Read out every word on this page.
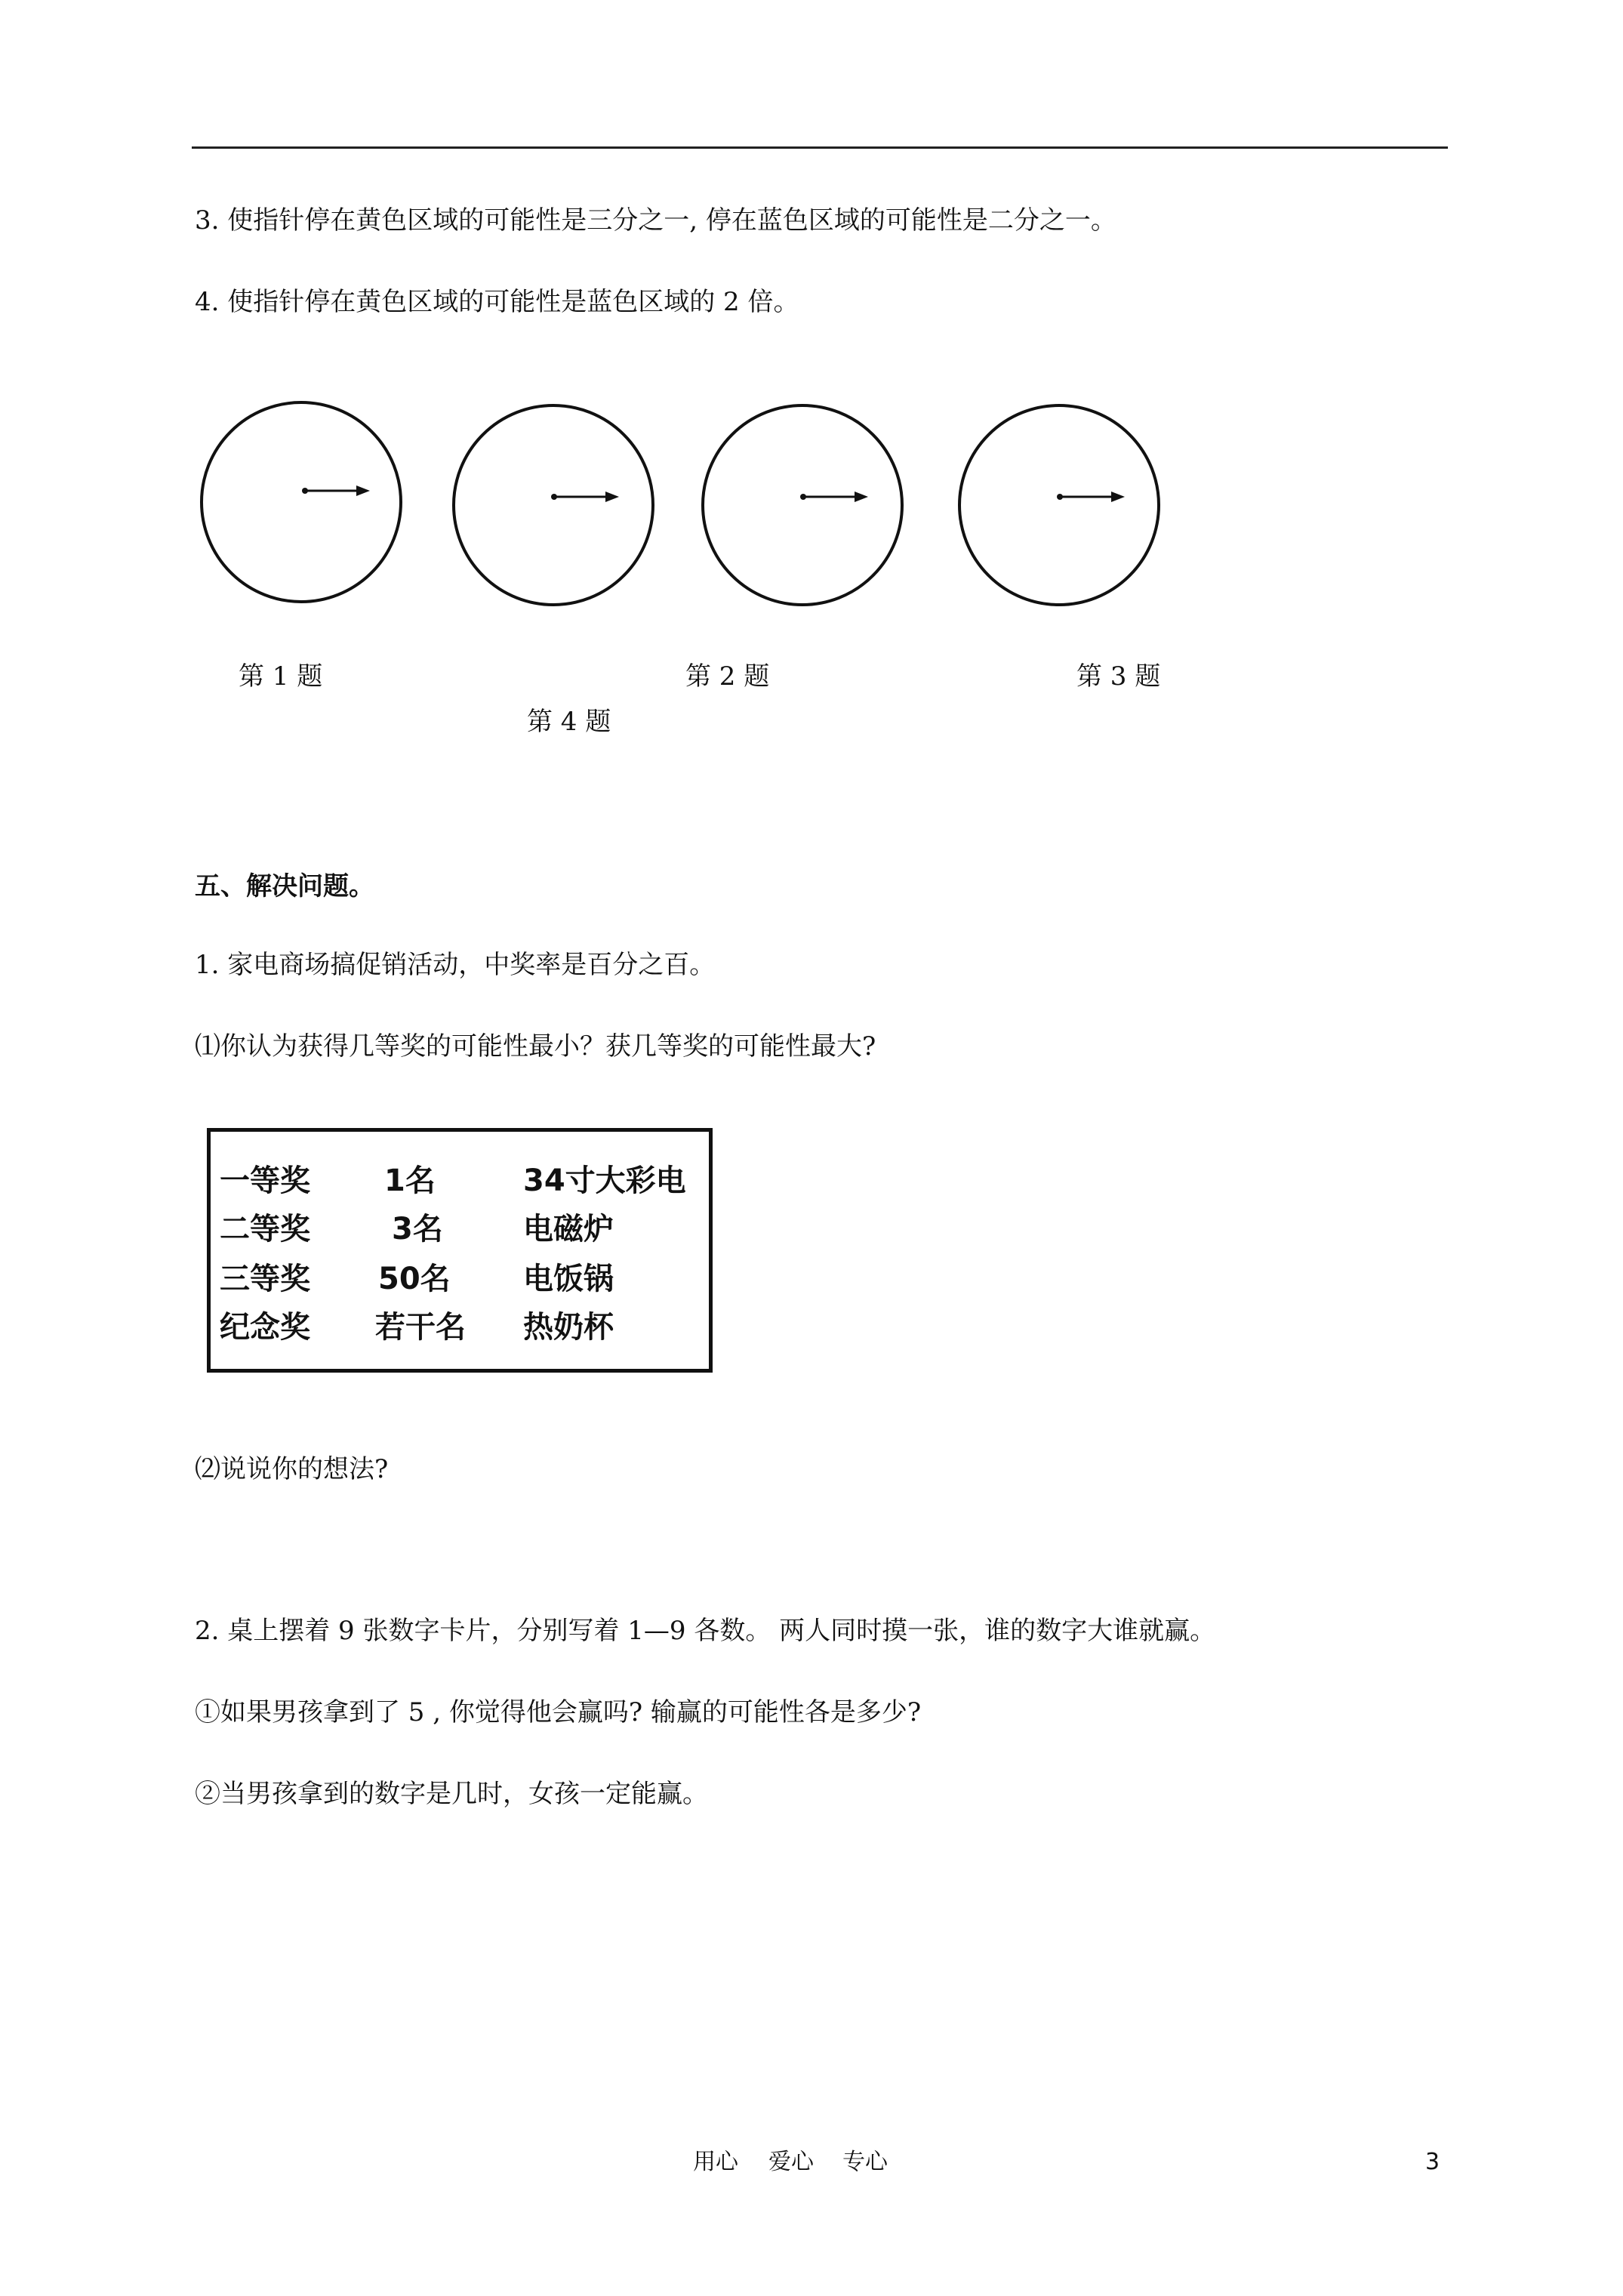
3. 使指针停在黄色区域的可能性是三分之一, 停在蓝色区域的可能性是二分之一。
4. 使指针停在黄色区域的可能性是蓝色区域的 2 倍。
第 1 题	第 2 题	第 3 题
第 4 题
五、解决问题。
1. 家电商场搞促销活动，中奖率是百分之百。
⑴你认为获得几等奖的可能性最小？获几等奖的可能性最大?
一等奖 1名	34寸大彩电
二等奖	3名	电磁炉
三等奖 50名 电饭锅
纪念奖 若干名 热奶杯
⑵说说你的想法?
2. 桌上摆着 9 张数字卡片，分别写着 1—9 各数。 两人同时摸一张，谁的数字大谁就赢。
①如果男孩拿到了 5 , 你觉得他会赢吗? 输赢的可能性各是多少?
②当男孩拿到的数字是几时，女孩一定能赢。
用心 爱心 专心	3
